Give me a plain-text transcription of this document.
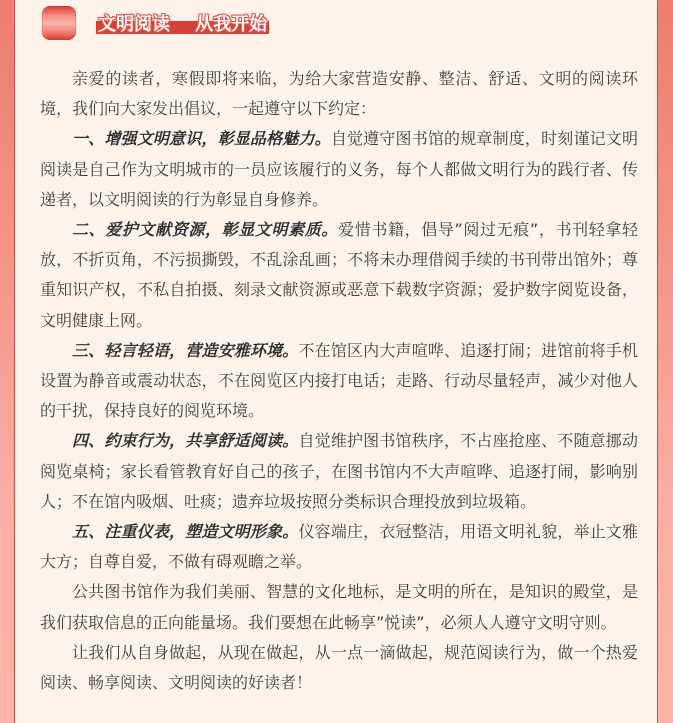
文明阅读    从我开始

亲爱的读者，寒假即将来临，为给大家营造安静、整洁、舒适、文明的阅读环境，我们向大家发出倡议，一起遵守以下约定：

一、增强文明意识，彰显品格魅力。自觉遵守图书馆的规章制度，时刻谨记文明阅读是自己作为文明城市的一员应该履行的义务，每个人都做文明行为的践行者、传递者，以文明阅读的行为彰显自身修养。

二、爱护文献资源，彰显文明素质。爱惜书籍，倡导”阅过无痕”，书刊轻拿轻放，不折页角，不污损撕毁，不乱涂乱画；不将未办理借阅手续的书刊带出馆外；尊重知识产权，不私自拍摄、刻录文献资源或恶意下载数字资源；爱护数字阅览设备，文明健康上网。

三、轻言轻语，营造安雅环境。不在馆区内大声喧哗、追逐打闹；进馆前将手机设置为静音或震动状态，不在阅览区内接打电话；走路、行动尽量轻声，减少对他人的干扰，保持良好的阅览环境。

四、约束行为，共享舒适阅读。自觉维护图书馆秩序，不占座抢座、不随意挪动阅览桌椅；家长看管教育好自己的孩子，在图书馆内不大声喧哗、追逐打闹，影响别人；不在馆内吸烟、吐痰；遗弃垃圾按照分类标识合理投放到垃圾箱。

五、注重仪表，塑造文明形象。仪容端庄，衣冠整洁，用语文明礼貌，举止文雅大方；自尊自爱，不做有碍观瞻之举。

公共图书馆作为我们美丽、智慧的文化地标，是文明的所在，是知识的殿堂，是我们获取信息的正向能量场。我们要想在此畅享”悦读”，必须人人遵守文明守则。

让我们从自身做起，从现在做起，从一点一滴做起，规范阅读行为，做一个热爱阅读、畅享阅读、文明阅读的好读者！
